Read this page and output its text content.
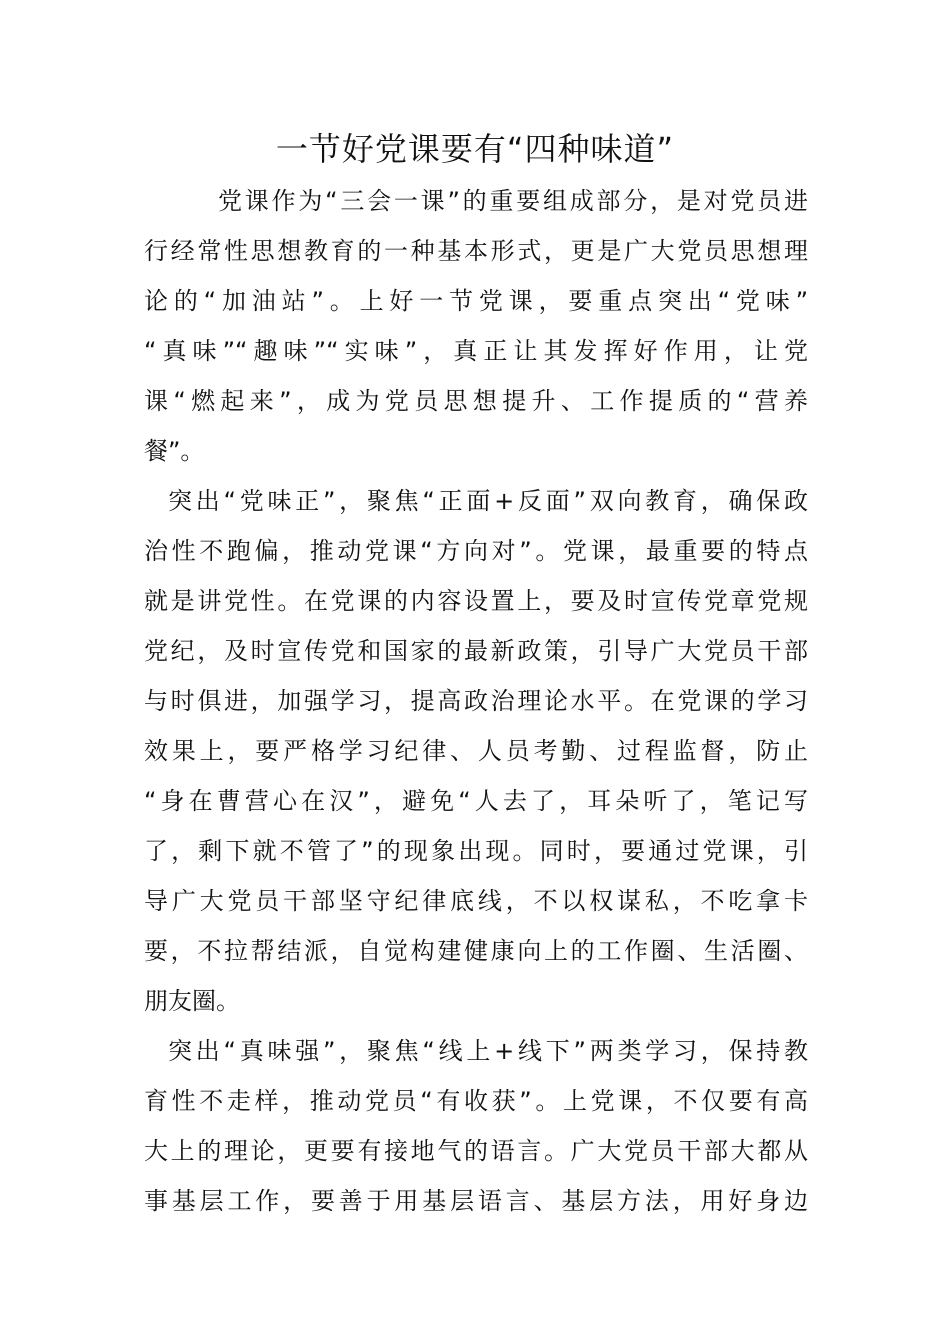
一节好党课要有“四种味道”

党课作为“三会一课”的重要组成部分，是对党员进

行经常性思想教育的一种基本形式，更是广大党员思想理

论的“加油站”。上好一节党课，要重点突出“党味”

“真味”“趣味”“实味”，真正让其发挥好作用，让党

课“燃起来”，成为党员思想提升、工作提质的“营养

餐”。

突出“党味正”，聚焦“正面+反面”双向教育，确保政

治性不跑偏，推动党课“方向对”。党课，最重要的特点

就是讲党性。在党课的内容设置上，要及时宣传党章党规

党纪，及时宣传党和国家的最新政策，引导广大党员干部

与时俱进，加强学习，提高政治理论水平。在党课的学习

效果上，要严格学习纪律、人员考勤、过程监督，防止

“身在曹营心在汉”，避免“人去了，耳朵听了，笔记写

了，剩下就不管了”的现象出现。同时，要通过党课，引

导广大党员干部坚守纪律底线，不以权谋私，不吃拿卡

要，不拉帮结派，自觉构建健康向上的工作圈、生活圈、

朋友圈。

突出“真味强”，聚焦“线上+线下”两类学习，保持教

育性不走样，推动党员“有收获”。上党课，不仅要有高

大上的理论，更要有接地气的语言。广大党员干部大都从

事基层工作，要善于用基层语言、基层方法，用好身边
